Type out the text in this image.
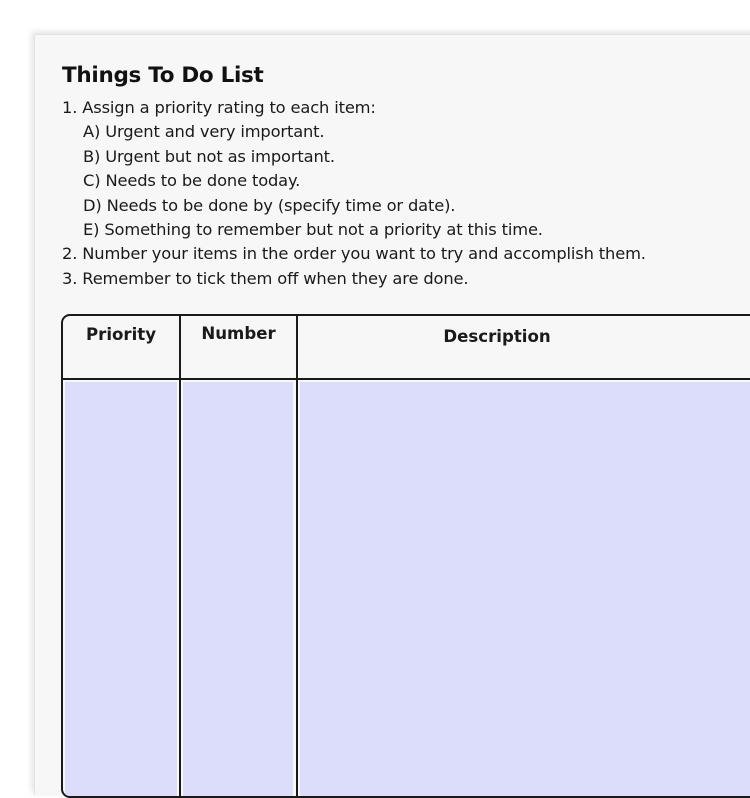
Things To Do List
1. Assign a priority rating to each item:
A) Urgent and very important.
B) Urgent but not as important.
C) Needs to be done today.
D) Needs to be done by (specify time or date).
E) Something to remember but not a priority at this time.
2. Number your items in the order you want to try and accomplish them.
3. Remember to tick them off when they are done.
Priority	Number	Description
